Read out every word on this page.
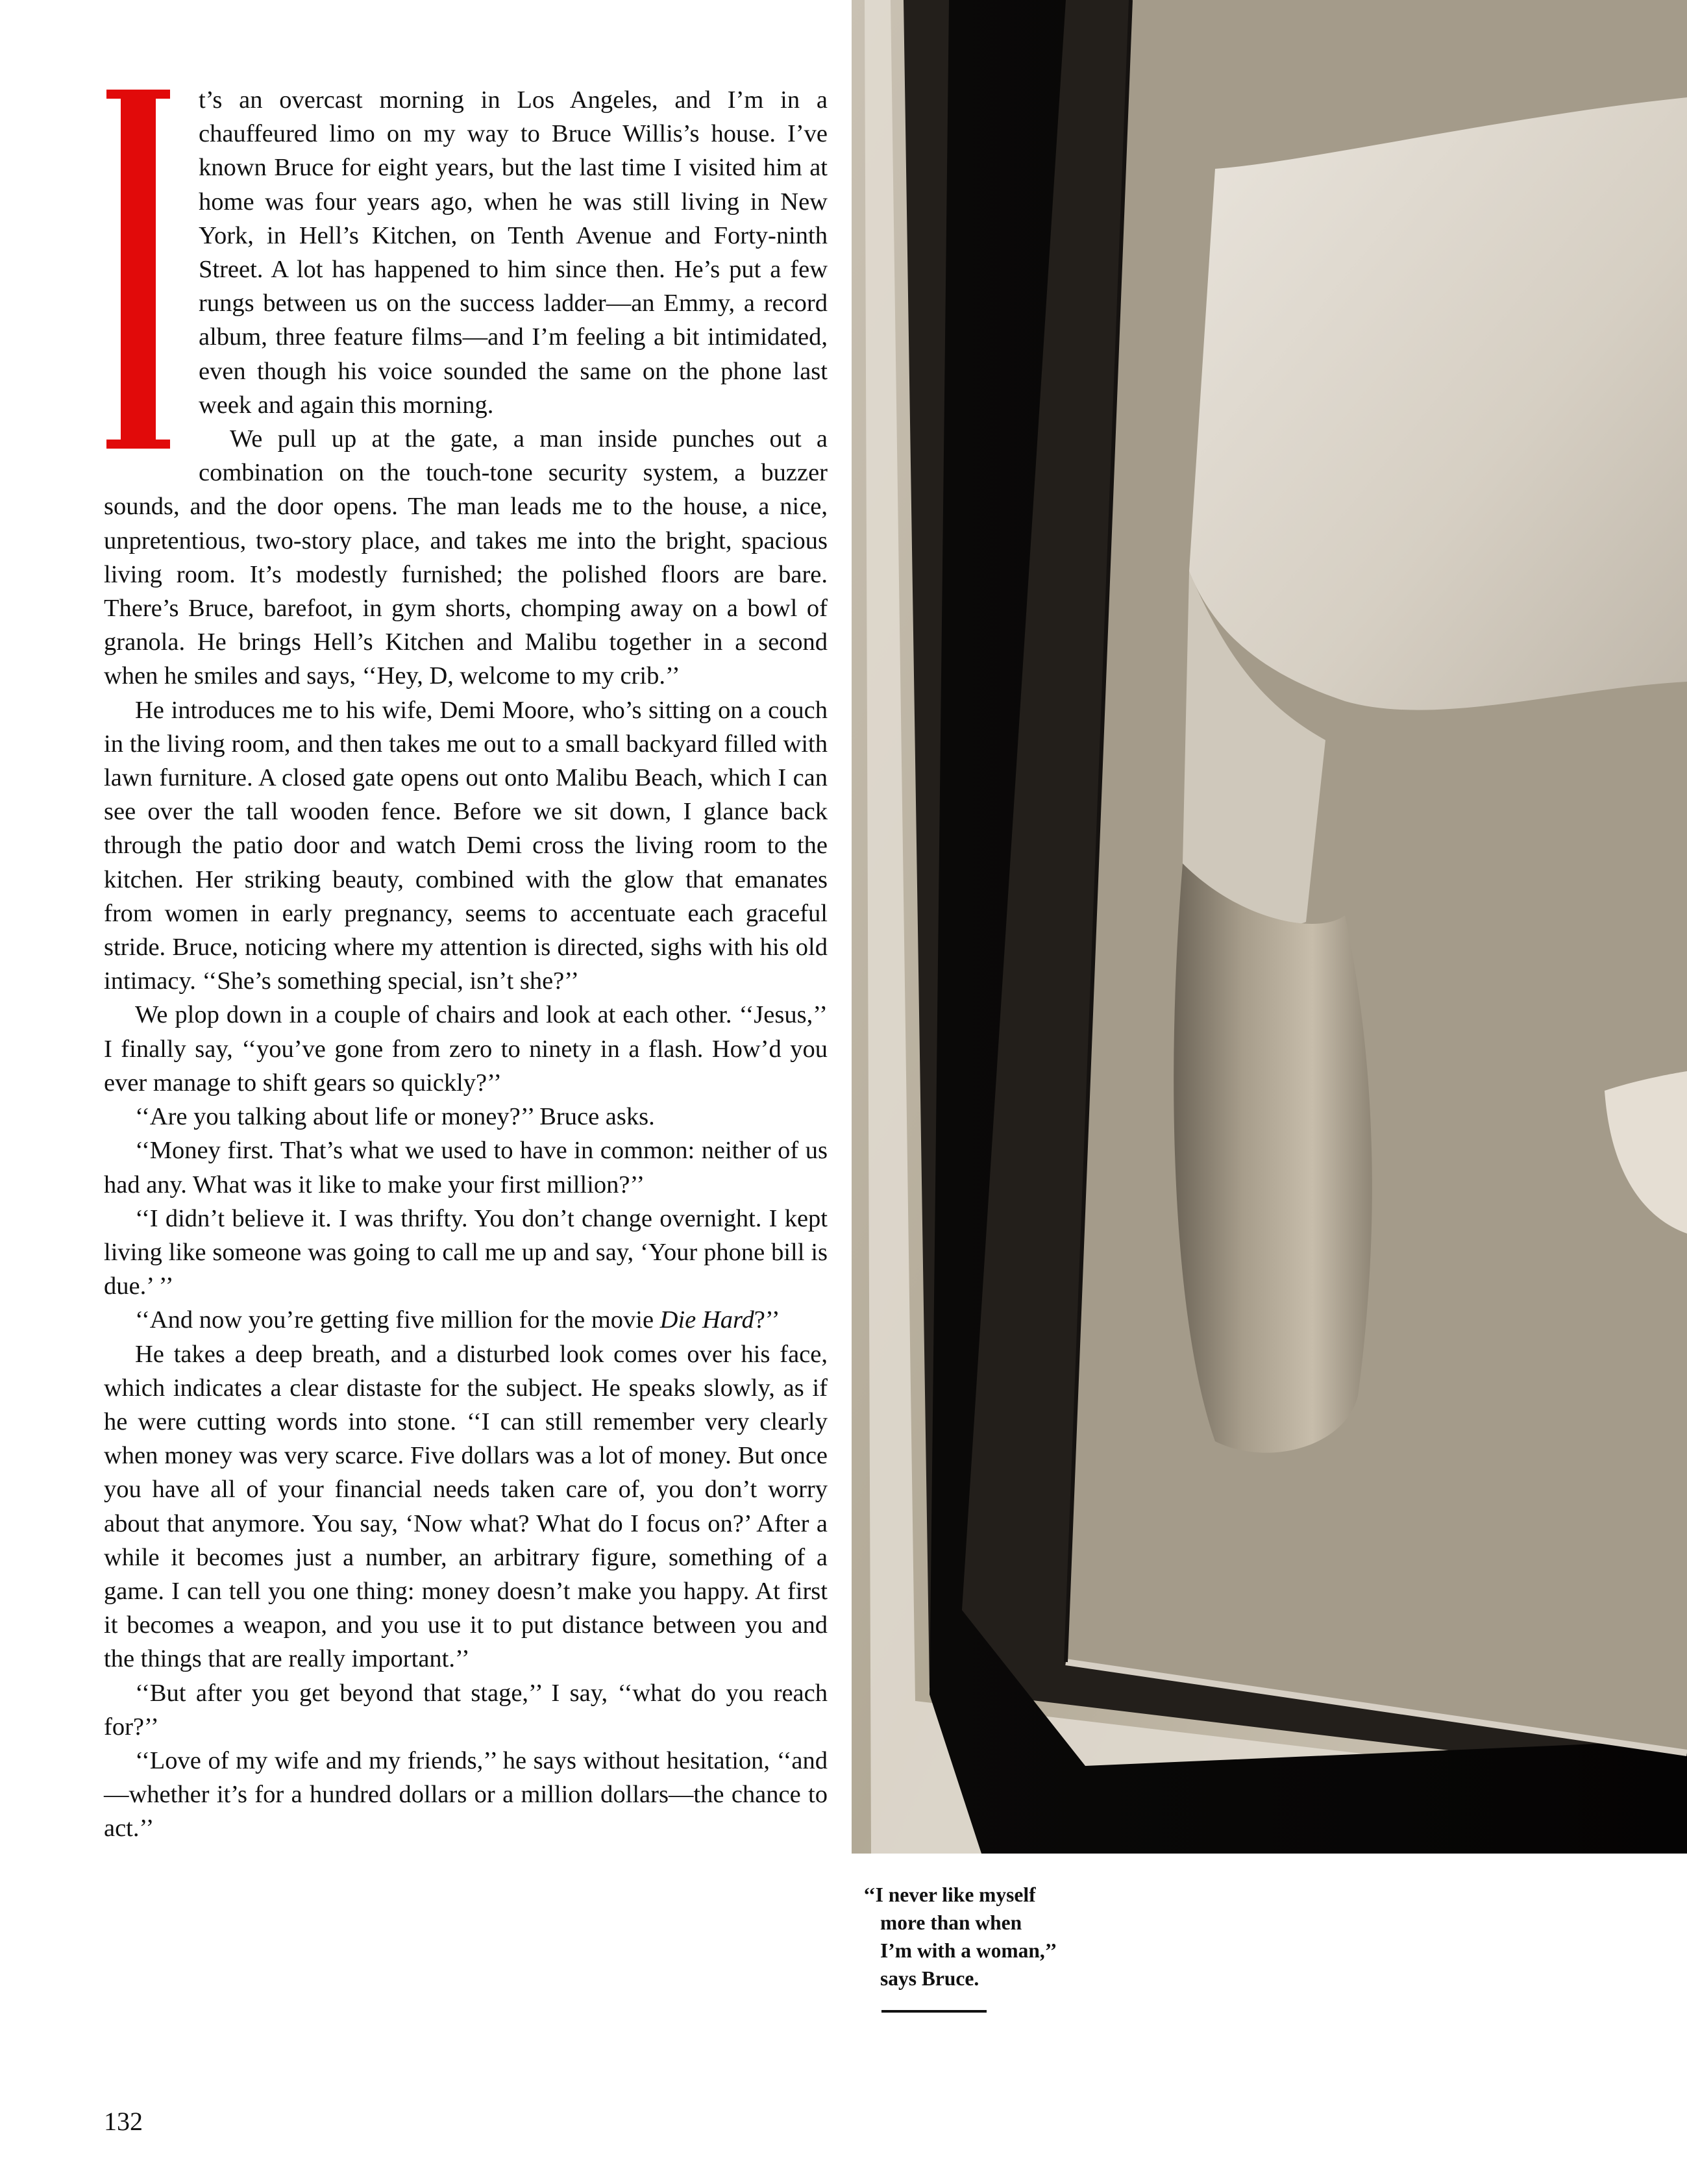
t’s an overcast morning in Los Angeles, and I’m in a chauffeured limo on my way to Bruce Willis’s house. I’ve known Bruce for eight years, but the last time I visited him at home was four years ago, when he was still living in New York, in Hell’s Kitchen, on Tenth Avenue and Forty-ninth Street. A lot has happened to him since then. He’s put a few rungs between us on the success ladder—an Emmy, a record album, three feature films—and I’m feeling a bit intimidated, even though his voice sounded the same on the phone last week and again this morning.

We pull up at the gate, a man inside punches out a combination on the touch-tone security system, a buzzer sounds, and the door opens. The man leads me to the house, a nice, unpretentious, two-story place, and takes me into the bright, spacious living room. It’s modestly furnished; the polished floors are bare. There’s Bruce, barefoot, in gym shorts, chomping away on a bowl of granola. He brings Hell’s Kitchen and Malibu together in a second when he smiles and says, ‘‘Hey, D, welcome to my crib.’’

He introduces me to his wife, Demi Moore, who’s sitting on a couch in the living room, and then takes me out to a small backyard filled with lawn furniture. A closed gate opens out onto Malibu Beach, which I can see over the tall wooden fence. Before we sit down, I glance back through the patio door and watch Demi cross the living room to the kitchen. Her striking beauty, combined with the glow that emanates from women in early pregnancy, seems to accentuate each graceful stride. Bruce, noticing where my attention is directed, sighs with his old intimacy. ‘‘She’s something special, isn’t she?’’

We plop down in a couple of chairs and look at each other. ‘‘Jesus,’’ I finally say, ‘‘you’ve gone from zero to ninety in a flash. How’d you ever manage to shift gears so quickly?’’

‘‘Are you talking about life or money?’’ Bruce asks.

‘‘Money first. That’s what we used to have in common: neither of us had any. What was it like to make your first million?’’

‘‘I didn’t believe it. I was thrifty. You don’t change overnight. I kept living like someone was going to call me up and say, ‘Your phone bill is due.’ ’’

‘‘And now you’re getting five million for the movie Die Hard?’’

He takes a deep breath, and a disturbed look comes over his face, which indicates a clear distaste for the subject. He speaks slowly, as if he were cutting words into stone. ‘‘I can still remember very clearly when money was very scarce. Five dollars was a lot of money. But once you have all of your financial needs taken care of, you don’t worry about that anymore. You say, ‘Now what? What do I focus on?’ After a while it becomes just a number, an arbitrary figure, something of a game. I can tell you one thing: money doesn’t make you happy. At first it becomes a weapon, and you use it to put distance between you and the things that are really important.’’

‘‘But after you get beyond that stage,’’ I say, ‘‘what do you reach for?’’

‘‘Love of my wife and my friends,’’ he says without hesitation, ‘‘and—whether it’s for a hundred dollars or a million dollars—the chance to act.’’

132
‘‘I never like myself
more than when
I’m with a woman,’’
says Bruce.
